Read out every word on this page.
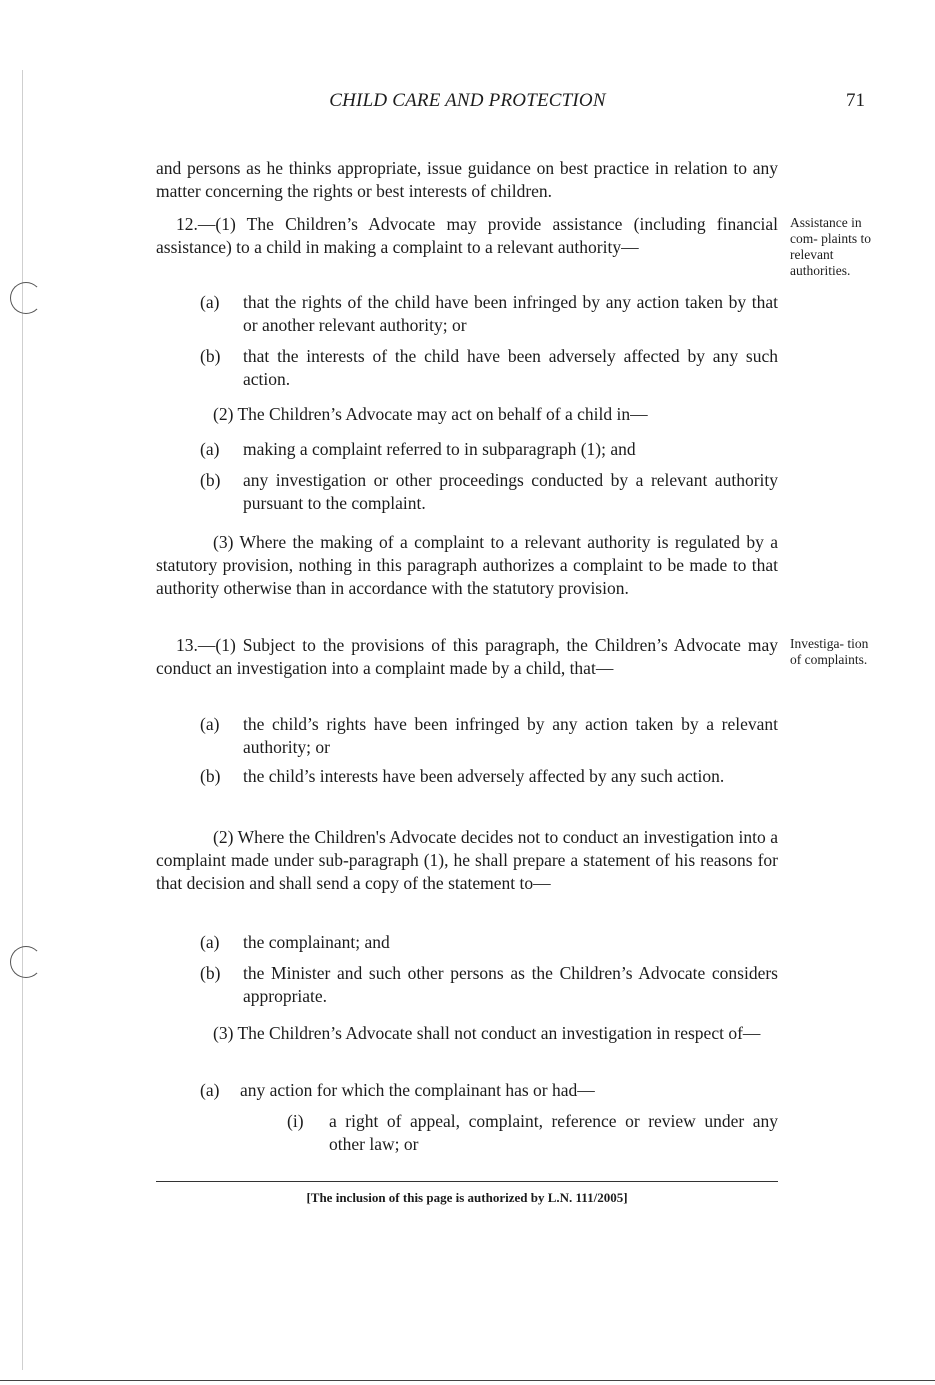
CHILD CARE AND PROTECTION	71
and persons as he thinks appropriate, issue guidance on best practice in relation to any matter concerning the rights or best interests of children.
12.—(1) The Children’s Advocate may provide assistance (including financial assistance) to a child in making a complaint to a relevant authority—
Assistance in com- plaints to relevant authorities.
(a)	that the rights of the child have been infringed by any action taken by that or another relevant authority; or
(b)	that the interests of the child have been adversely affected by any such action.
(2) The Children’s Advocate may act on behalf of a child in—
(a)	making a complaint referred to in subparagraph (1); and
(b)	any investigation or other proceedings conducted by a relevant authority pursuant to the complaint.
(3) Where the making of a complaint to a relevant authority is regulated by a statutory provision, nothing in this paragraph authorizes a complaint to be made to that authority otherwise than in accordance with the statutory provision.
13.—(1) Subject to the provisions of this paragraph, the Children’s Advocate may conduct an investigation into a complaint made by a child, that—
Investiga- tion of complaints.
(a)	the child’s rights have been infringed by any action taken by a relevant authority; or
(b)	the child’s interests have been adversely affected by any such action.
(2) Where the Children's Advocate decides not to conduct an investigation into a complaint made under sub-paragraph (1), he shall prepare a statement of his reasons for that decision and shall send a copy of the statement to—
(a)	the complainant; and
(b)	the Minister and such other persons as the Children’s Advocate considers appropriate.
(3) The Children’s Advocate shall not conduct an investigation in respect of—
(a)	any action for which the complainant has or had—
(i)	a right of appeal, complaint, reference or review under any other law; or
[The inclusion of this page is authorized by L.N. 111/2005]
